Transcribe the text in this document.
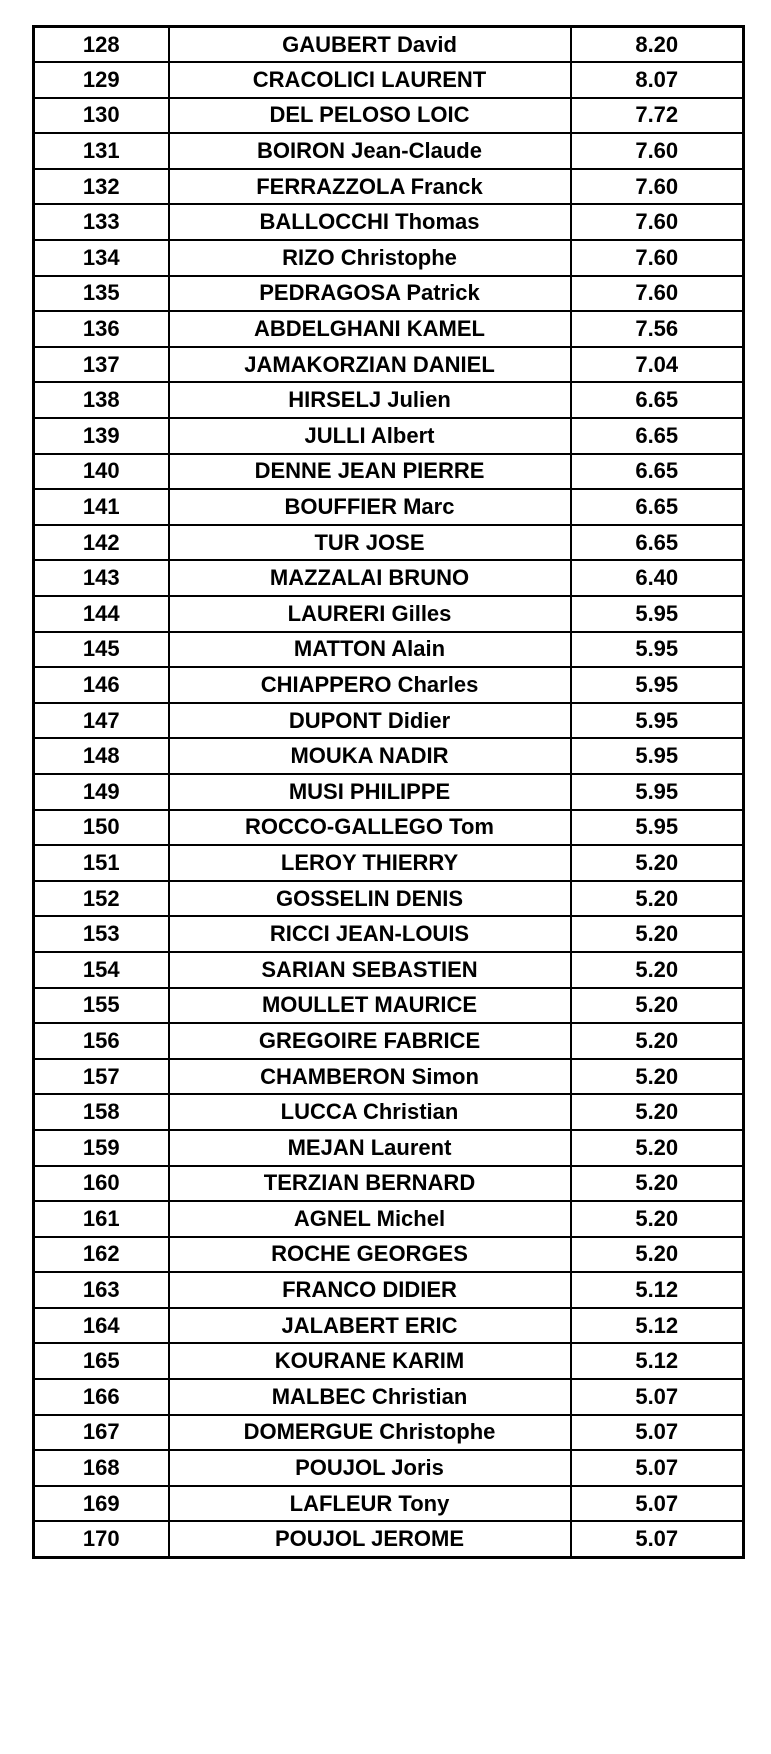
128	GAUBERT David	8.20
129	CRACOLICI LAURENT	8.07
130	DEL PELOSO LOIC	7.72
131	BOIRON Jean-Claude	7.60
132	FERRAZZOLA Franck	7.60
133	BALLOCCHI Thomas	7.60
134	RIZO Christophe	7.60
135	PEDRAGOSA Patrick	7.60
136	ABDELGHANI KAMEL	7.56
137	JAMAKORZIAN DANIEL	7.04
138	HIRSELJ Julien	6.65
139	JULLI Albert	6.65
140	DENNE JEAN PIERRE	6.65
141	BOUFFIER Marc	6.65
142	TUR JOSE	6.65
143	MAZZALAI BRUNO	6.40
144	LAURERI Gilles	5.95
145	MATTON Alain	5.95
146	CHIAPPERO Charles	5.95
147	DUPONT Didier	5.95
148	MOUKA NADIR	5.95
149	MUSI PHILIPPE	5.95
150	ROCCO-GALLEGO Tom	5.95
151	LEROY THIERRY	5.20
152	GOSSELIN DENIS	5.20
153	RICCI JEAN-LOUIS	5.20
154	SARIAN SEBASTIEN	5.20
155	MOULLET MAURICE	5.20
156	GREGOIRE FABRICE	5.20
157	CHAMBERON Simon	5.20
158	LUCCA Christian	5.20
159	MEJAN Laurent	5.20
160	TERZIAN BERNARD	5.20
161	AGNEL Michel	5.20
162	ROCHE GEORGES	5.20
163	FRANCO DIDIER	5.12
164	JALABERT ERIC	5.12
165	KOURANE KARIM	5.12
166	MALBEC Christian	5.07
167	DOMERGUE Christophe	5.07
168	POUJOL Joris	5.07
169	LAFLEUR Tony	5.07
170	POUJOL JEROME	5.07
